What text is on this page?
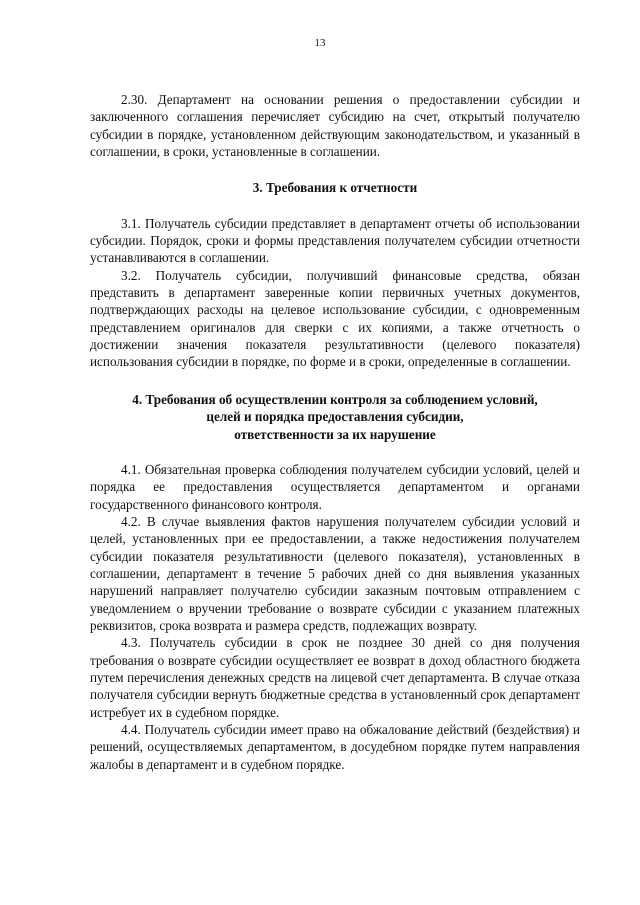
13

2.30. Департамент на основании решения о предоставлении субсидии и заключенного соглашения перечисляет субсидию на счет, открытый получателю субсидии в порядке, установленном действующим законодательством, и указанный в соглашении, в сроки, установленные в соглашении.

3. Требования к отчетности

3.1. Получатель субсидии представляет в департамент отчеты об использовании субсидии. Порядок, сроки и формы представления получателем субсидии отчетности устанавливаются в соглашении.

3.2. Получатель субсидии, получивший финансовые средства, обязан представить в департамент заверенные копии первичных учетных документов, подтверждающих расходы на целевое использование субсидии, с одновременным представлением оригиналов для сверки с их копиями, а также отчетность о достижении значения показателя результативности (целевого показателя) использования субсидии в порядке, по форме и в сроки, определенные в соглашении.

4. Требования об осуществлении контроля за соблюдением условий,
целей и порядка предоставления субсидии,
ответственности за их нарушение

4.1. Обязательная проверка соблюдения получателем субсидии условий, целей и порядка ее предоставления осуществляется департаментом и органами государственного финансового контроля.

4.2. В случае выявления фактов нарушения получателем субсидии условий и целей, установленных при ее предоставлении, а также недостижения получателем субсидии показателя результативности (целевого показателя), установленных в соглашении, департамент в течение 5 рабочих дней со дня выявления указанных нарушений направляет получателю субсидии заказным почтовым отправлением с уведомлением о вручении требование о возврате субсидии с указанием платежных реквизитов, срока возврата и размера средств, подлежащих возврату.

4.3. Получатель субсидии в срок не позднее 30 дней со дня получения требования о возврате субсидии осуществляет ее возврат в доход областного бюджета путем перечисления денежных средств на лицевой счет департамента. В случае отказа получателя субсидии вернуть бюджетные средства в установленный срок департамент истребует их в судебном порядке.

4.4. Получатель субсидии имеет право на обжалование действий (бездействия) и решений, осуществляемых департаментом, в досудебном порядке путем направления жалобы в департамент и в судебном порядке.
